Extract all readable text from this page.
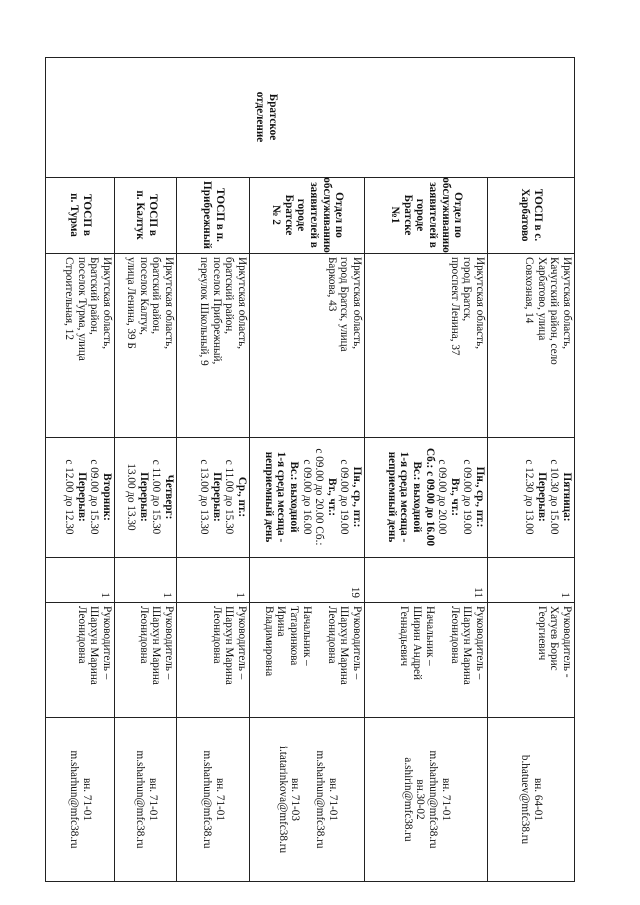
Братское
отделение
ТОСП в с.
Харбатово
Иркутская область,
Качугский район, село
Харбатово, улица
Совхозная, 14
Пятница:
с 10.30 до 15.00
Перерыв:
с 12.30 до 13.00
1
Руководитель -
Хатуев Борис
Георгиевич
вн. 64-01
b.hatuev@mfc38.ru
Отдел по
обслуживанию
заявителей в
городе Братске
№1
Иркутская область,
город Братск,
проспект Ленина, 37
Пн., ср., пт.:
с 09.00 до 19.00
Вт., чт.:
с 09.00 до 20.00
Сб.: с 09.00 до 16.00
Вс.: выходной
1-я среда месяца -
неприемный день
11
Руководитель –
Шархун Марина
Леонидовна

Начальник –
Ширин Андрей
Геннадьевич
вн. 71-01
m.sharhun@mfc38.ru
вн.30-02
a.shirin@mfc38.ru
Отдел по
обслуживанию
заявителей в
городе Братске
№ 2
Иркутская область,
город Братск, улица
Баркова, 43
Пн., ср., пт.:
с 09.00 до 19.00
Вт., чт.:
с 09.00 до 20.00 Сб.:
с 09.00 до 16.00
Вс.: выходной
1-я среда месяца -
неприемный день
19
Руководитель –
Шархун Марина
Леонидовна

Начальник –
Татаринкова
Ирина
Владимировна
вн. 71-01
m.sharhun@mfc38.ru

вн. 71-03
i.tatarinkova@mfc38.ru
ТОСП в п.
Прибрежный
Иркутская область,
братский район,
поселок Прибрежный,
переулок Школьный, 9
Ср., пт.:
с 11.00 до 15.30
Перерыв:
с 13.00 до 13.30
1
Руководитель –
Шархун Марина
Леонидовна
вн. 71-01
m.sharhun@mfc38.ru
ТОСП в
п. Калтук
Иркутская область,
братский район,
поселок Калтук,
улица Ленина, 39 Б
Четверг:
с 11.00 до 15.30
Перерыв:
13.00 до 13.30
1
Руководитель –
Шархун Марина
Леонидовна
вн. 71-01
m.sharhun@mfc38.ru
ТОСП в
п. Турма
Иркутская область,
Братский район,
поселок Турма, улица
Строительная, 12
Вторник:
с 09.00 до 15.30
Перерыв:
с 12.00 до 12.30
1
Руководитель –
Шархун Марина
Леонидовна
вн. 71-01
m.sharhun@mfc38.ru
